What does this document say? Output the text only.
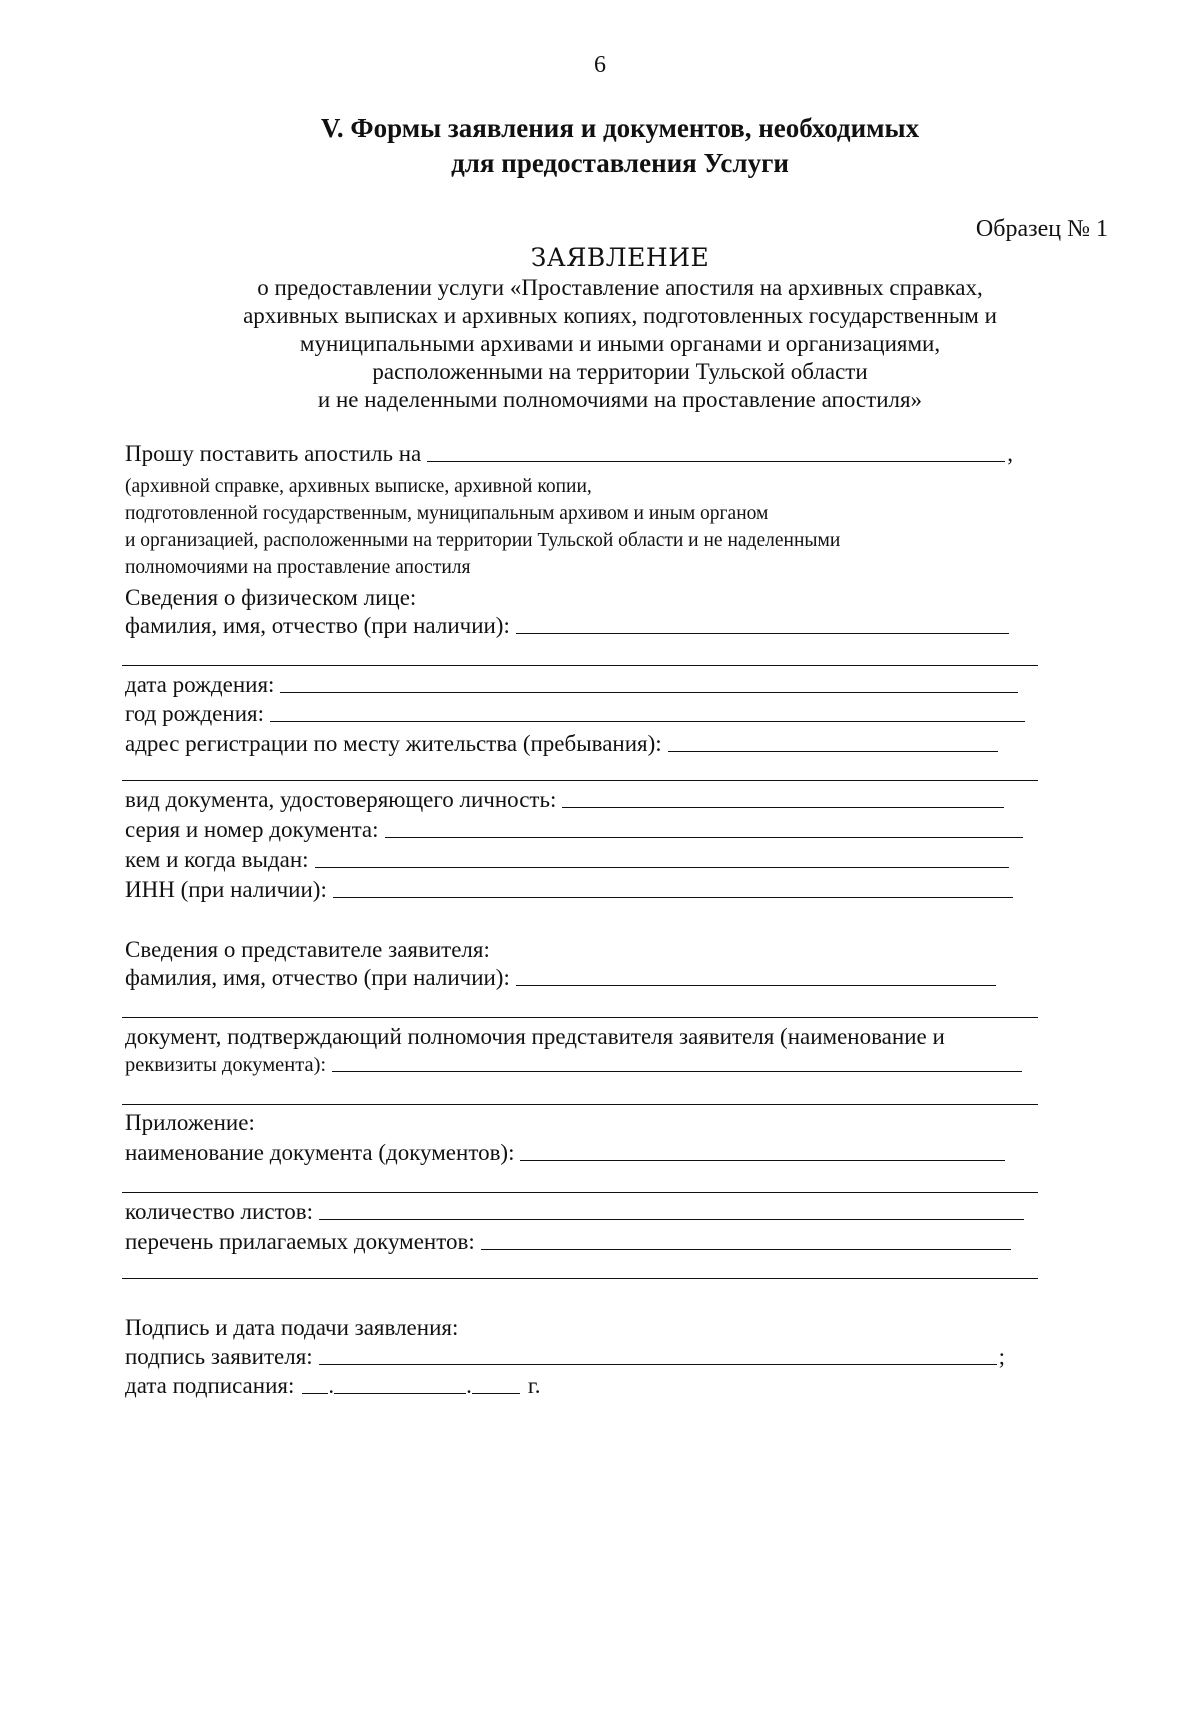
6
V. Формы заявления и документов, необходимых
для предоставления Услуги
Образец № 1
ЗАЯВЛЕНИЕ
о предоставлении услуги «Проставление апостиля на архивных справках,
архивных выписках и архивных копиях, подготовленных государственным и
муниципальными архивами и иными органами и организациями,
расположенными на территории Тульской области
и не наделенными полномочиями на проставление апостиля»
Прошу поставить апостиль на	,
(архивной справке, архивных выписке, архивной копии,
подготовленной государственным, муниципальным архивом и иным органом
и организацией, расположенными на территории Тульской области и не наделенными
полномочиями на проставление апостиля
Сведения о физическом лице:
фамилия, имя, отчество (при наличии):
дата рождения:
год рождения:
адрес регистрации по месту жительства (пребывания):
вид документа, удостоверяющего личность:
серия и номер документа:
кем и когда выдан:
ИНН (при наличии):
Сведения о представителе заявителя:
фамилия, имя, отчество (при наличии):
документ, подтверждающий полномочия представителя заявителя (наименование и
реквизиты документа):
Приложение:
наименование документа (документов):
количество листов:
перечень прилагаемых документов:
Подпись и дата подачи заявления:
подпись заявителя:	;
дата подписания: .	. г.
